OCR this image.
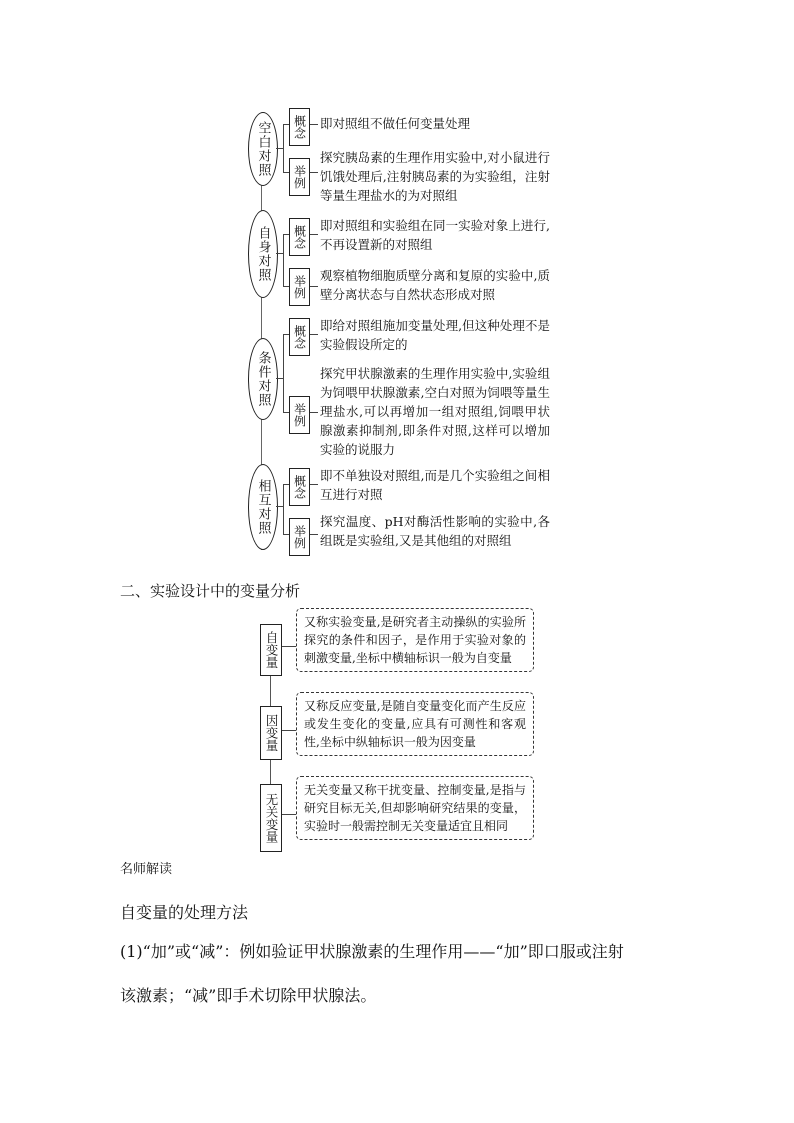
空白对照	概念 即对照组不做任何变量处理
举例
探究胰岛素的生理作用实验中,对小鼠进行饥饿处理后,注射胰岛素的为实验组，注射等量生理盐水的为对照组
自身对照	概念 即对照组和实验组在同一实验对象上进行,不再设置新的对照组
举例 观察植物细胞质壁分离和复原的实验中,质壁分离状态与自然状态形成对照
条件对照
概念 即给对照组施加变量处理,但这种处理不是实验假设所定的
举例
探究甲状腺激素的生理作用实验中,实验组为饲喂甲状腺激素,空白对照为饲喂等量生理盐水,可以再增加一组对照组,饲喂甲状腺激素抑制剂,即条件对照,这样可以增加实验的说服力
相互对照	概念 即不单独设对照组,而是几个实验组之间相互进行对照
举例
探究温度、pH对酶活性影响的实验中,各组既是实验组,又是其他组的对照组
二、实验设计中的变量分析
自变量
又称实验变量,是研究者主动操纵的实验所探究的条件和因子，是作用于实验对象的刺激变量,坐标中横轴标识一般为自变量
因变量
又称反应变量,是随自变量变化而产生反应或发生变化的变量,应具有可测性和客观性,坐标中纵轴标识一般为因变量
无关变量
无关变量又称干扰变量、控制变量,是指与研究目标无关,但却影响研究结果的变量，实验时一般需控制无关变量适宜且相同
名师解读
自变量的处理方法
(1)“加”或“减”：例如验证甲状腺激素的生理作用——“加”即口服或注射
该激素；“减”即手术切除甲状腺法。
